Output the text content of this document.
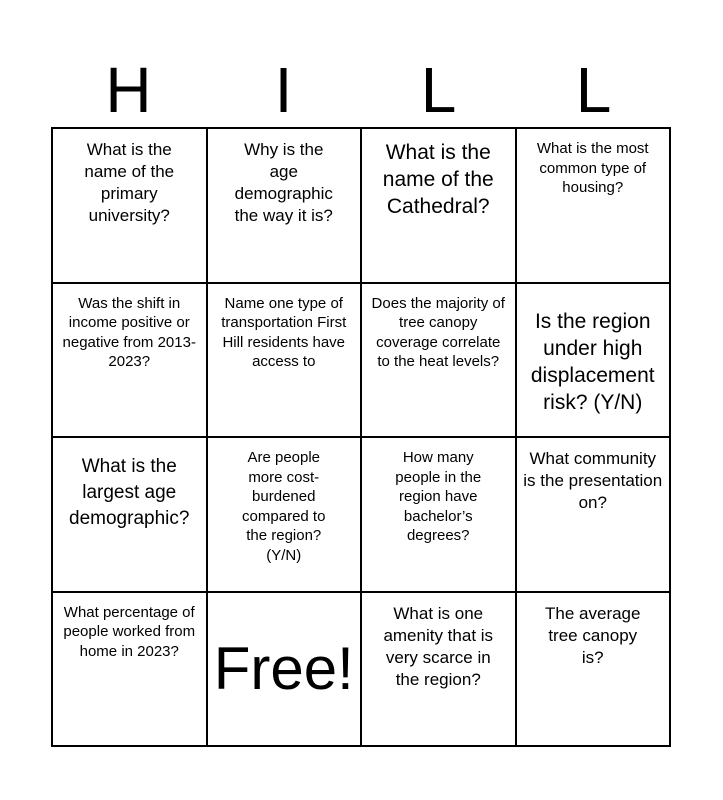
H	I	L	L
What is the name of the primary university?
Why is the age demographic the way it is?
What is the name of the Cathedral?
What is the most common type of housing?
Was the shift in income positive or negative from 2013-2023?
Name one type of transportation First Hill residents have access to
Does the majority of tree canopy coverage correlate to the heat levels?
Is the region under high displacement risk? (Y/N)
What is the largest age demographic?
Are people more cost-burdened compared to the region? (Y/N)
How many people in the region have bachelor’s degrees?
What community is the presentation on?
What percentage of people worked from home in 2023? Free!
What is one amenity that is very scarce in the region?
The average tree canopy is?
